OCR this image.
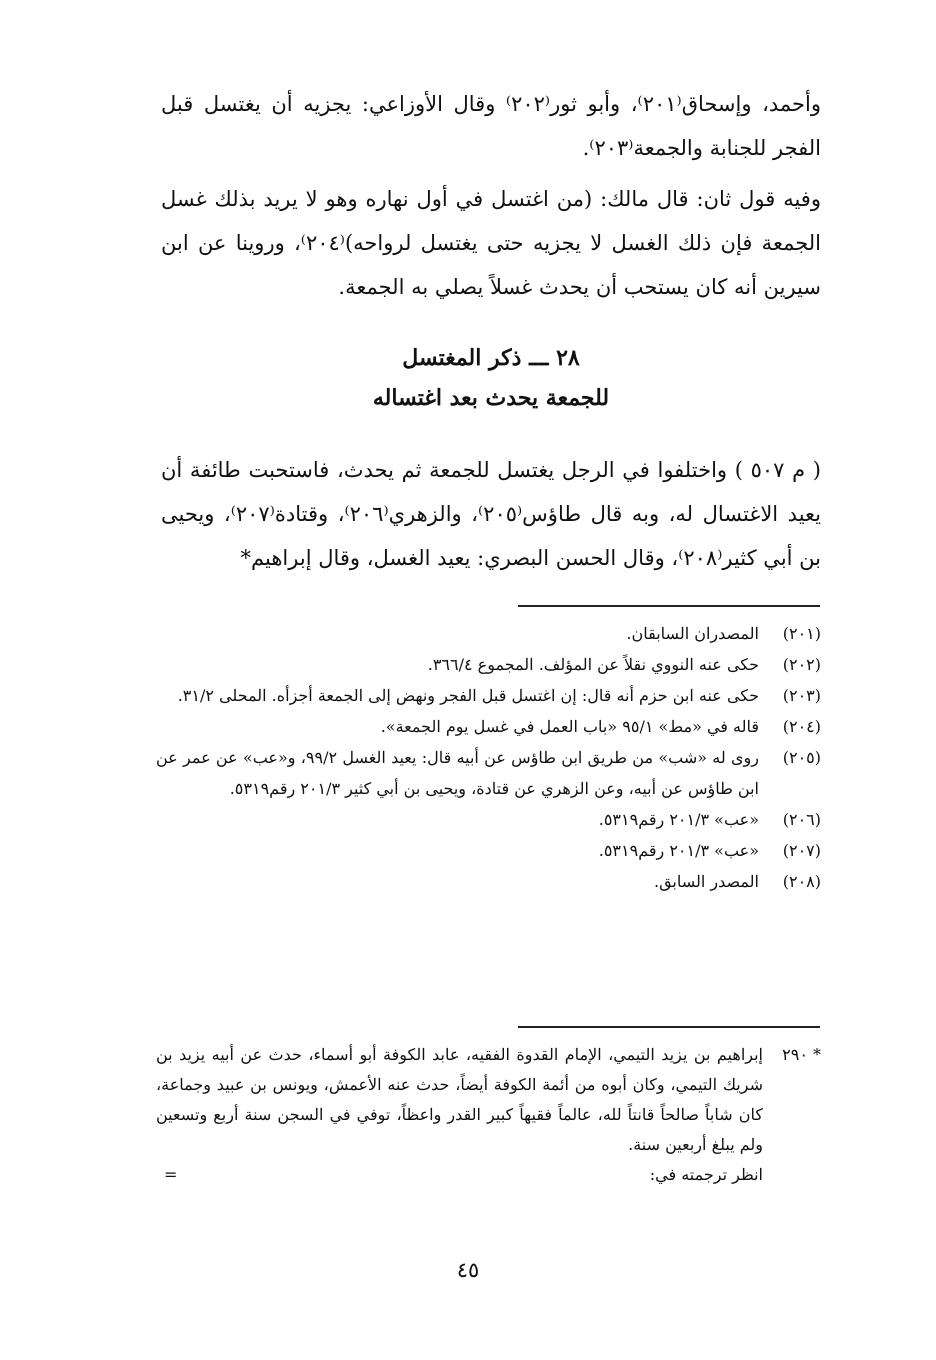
وأحمد، وإسحاق⁽٢٠١⁾، وأبو ثور⁽٢٠٢⁾ وقال الأوزاعي: يجزيه أن يغتسل قبل الفجر للجنابة والجمعة⁽٢٠٣⁾.

وفيه قول ثان: قال مالك: (من اغتسل في أول نهاره وهو لا يريد بذلك غسل الجمعة فإن ذلك الغسل لا يجزيه حتى يغتسل لرواحه)⁽٢٠٤⁾، وروينا عن ابن سيرين أنه كان يستحب أن يحدث غسلاً يصلي به الجمعة.

٢٨ ـــ ذكر المغتسل
للجمعة يحدث بعد اغتساله

( م ٥٠٧ ) واختلفوا في الرجل يغتسل للجمعة ثم يحدث، فاستحبت طائفة أن يعيد الاغتسال له، وبه قال طاؤس⁽٢٠٥⁾، والزهري⁽٢٠٦⁾، وقتادة⁽٢٠٧⁾، ويحيى بن أبي كثير⁽٢٠٨⁾، وقال الحسن البصري: يعيد الغسل، وقال إبراهيم*

(٢٠١)
المصدران السابقان.
(٢٠٢)
حكى عنه النووي نقلاً عن المؤلف. المجموع ٣٦٦/٤.
(٢٠٣)
حكى عنه ابن حزم أنه قال: إن اغتسل قبل الفجر ونهض إلى الجمعة أجزأه. المحلى ٣١/٢.
(٢٠٤)
قاله في «مط» ٩٥/١ «باب العمل في غسل يوم الجمعة».
(٢٠٥)
روى له «شب» من طريق ابن طاؤس عن أبيه قال: يعيد الغسل ٩٩/٢، و«عب» عن عمر عن ابن طاؤس عن أبيه، وعن الزهري عن قتادة، ويحيى بن أبي كثير ٢٠١/٣ رقم٥٣١٩.
(٢٠٦)
«عب» ٢٠١/٣ رقم٥٣١٩.
(٢٠٧)
«عب» ٢٠١/٣ رقم٥٣١٩.
(٢٠٨)
المصدر السابق.
* ٢٩٠
إبراهيم بن يزيد التيمي، الإمام القدوة الفقيه، عابد الكوفة أبو أسماء، حدث عن أبيه يزيد بن شريك التيمي، وكان أبوه من أئمة الكوفة أيضاً، حدث عنه الأعمش، ويونس بن عبيد وجماعة، كان شاباً صالحاً قانتاً لله، عالماً فقيهاً كبير القدر واعظاً، توفي في السجن سنة أربع وتسعين ولم يبلغ أربعين سنة.
انظر ترجمته في:
=
٤٥
